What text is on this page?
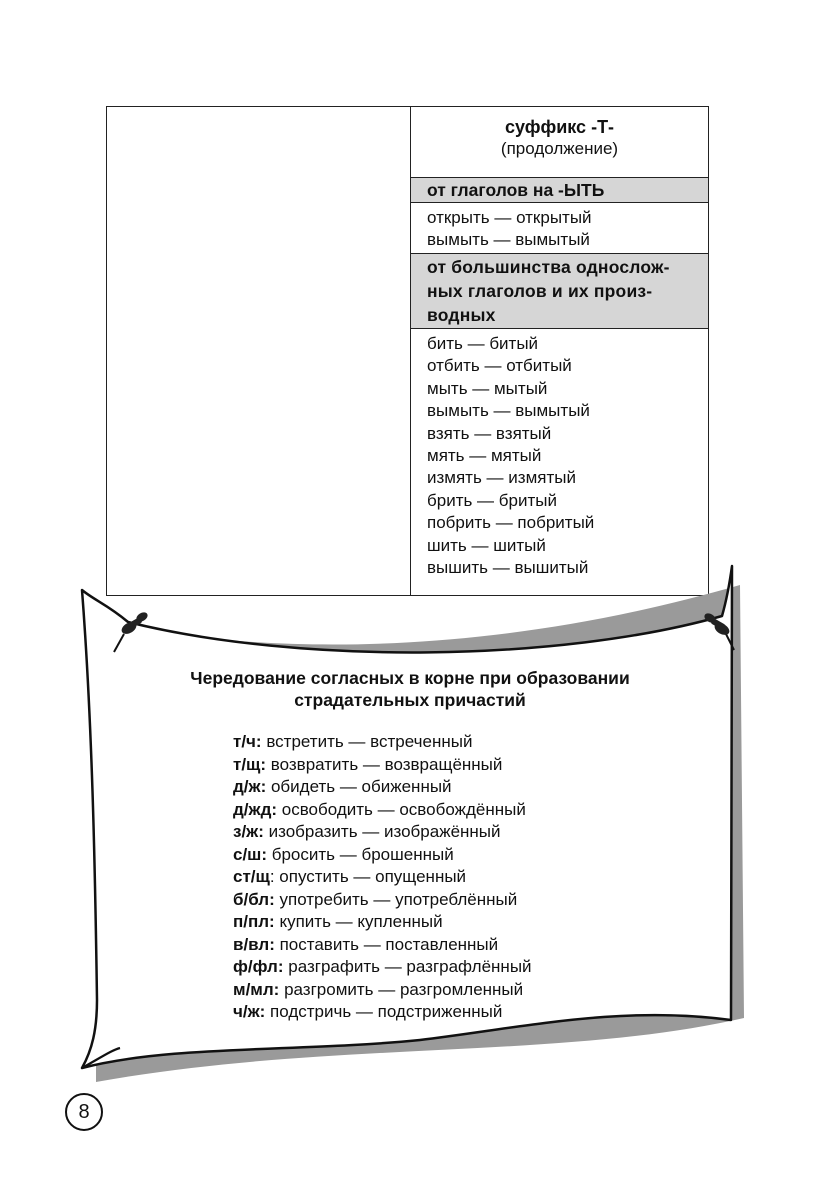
суффикс -Т-
(продолжение)
от глаголов на -ЫТЬ
открыть — открытый
вымыть — вымытый
от большинства однослож-
ных глаголов и их произ-
водных
бить — битый
отбить — отбитый
мыть — мытый
вымыть — вымытый
взять — взятый
мять — мятый
измять — измятый
брить — бритый
побрить — побритый
шить — шитый
вышить — вышитый
Чередование согласных в корне при образовании
страдательных причастий
т/ч: встретить — встреченный
т/щ: возвратить — возвращённый
д/ж: обидеть — обиженный
д/жд: освободить — освобождённый
з/ж: изобразить — изображённый
с/ш: бросить — брошенный
ст/щ: опустить — опущенный
б/бл: употребить — употреблённый
п/пл: купить — купленный
в/вл: поставить — поставленный
ф/фл: разграфить — разграфлённый
м/мл: разгромить — разгромленный
ч/ж: подстричь — подстриженный
8
